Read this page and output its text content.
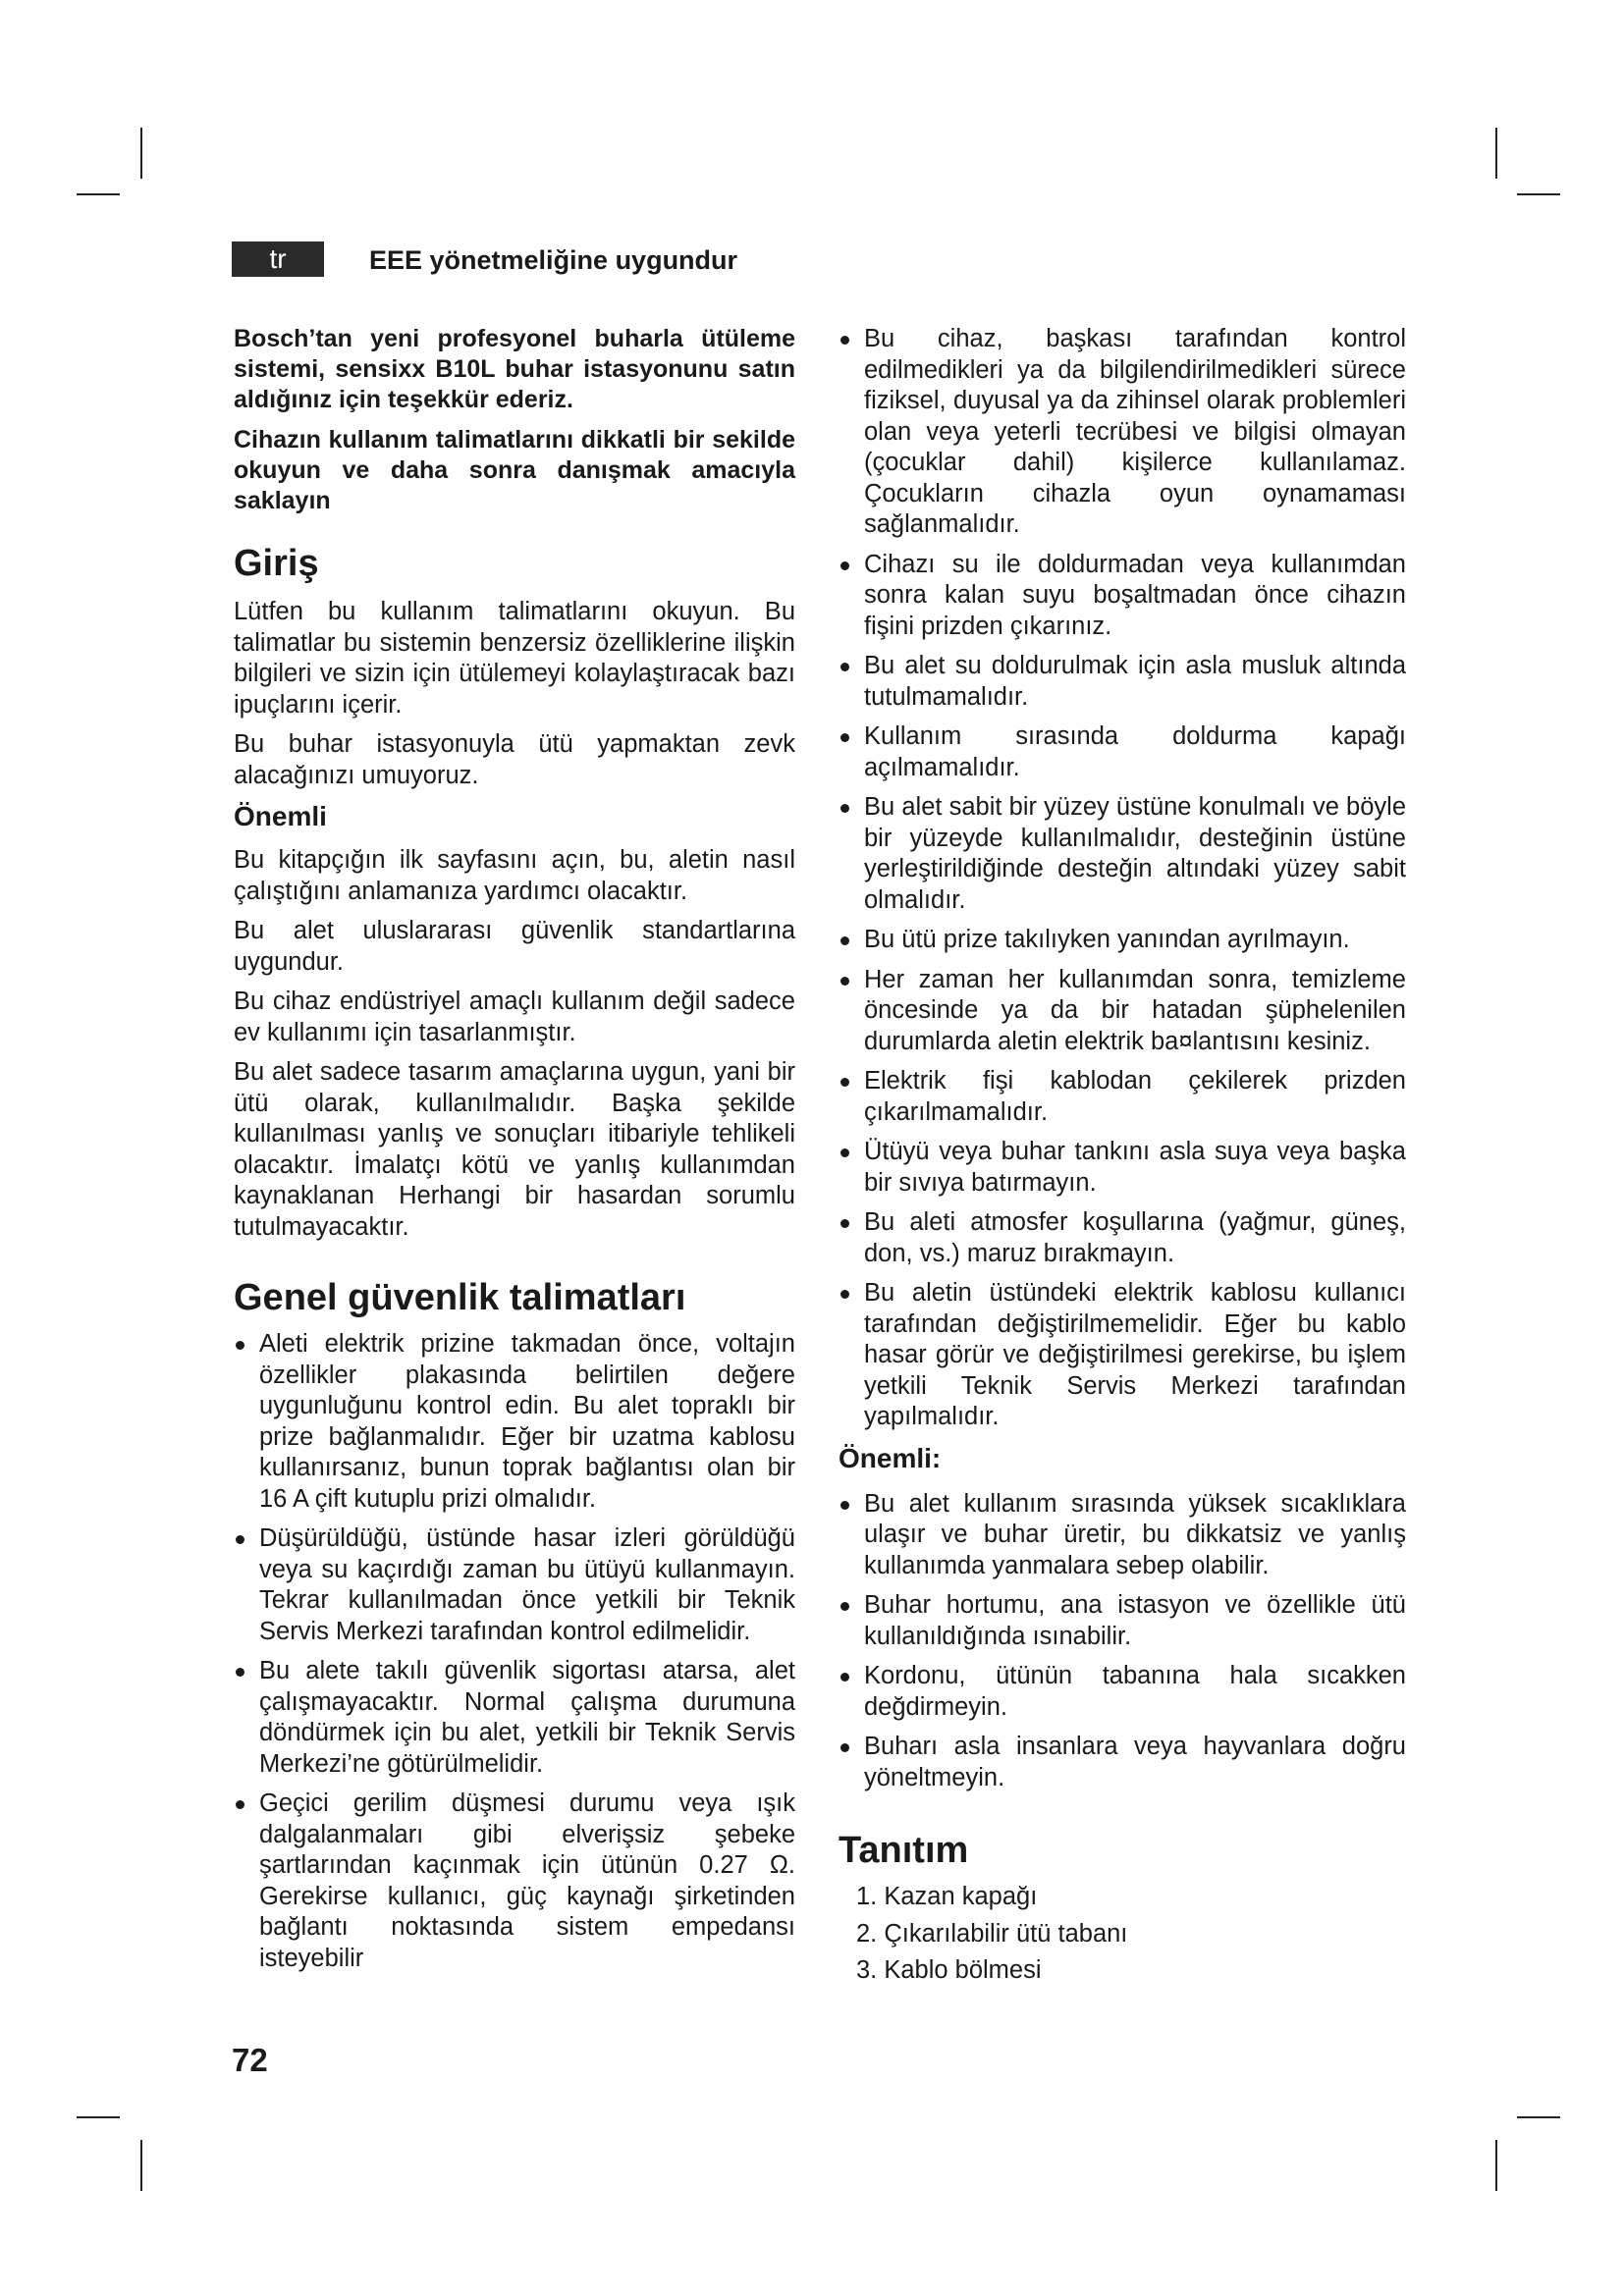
tr	EEE yönetmeliğine uygundur

Bosch’tan yeni profesyonel buharla ütüleme sistemi, sensixx B10L buhar istasyonunu satın aldığınız için teşekkür ederiz.

Cihazın kullanım talimatlarını dikkatli bir sekilde okuyun ve daha sonra danışmak amacıyla saklayın

Giriş

Lütfen bu kullanım talimatlarını okuyun. Bu talimatlar bu sistemin benzersiz özelliklerine ilişkin bilgileri ve sizin için ütülemeyi kolaylaştıracak bazı ipuçlarını içerir.

Bu buhar istasyonuyla ütü yapmaktan zevk alacağınızı umuyoruz.

Önemli

Bu kitapçığın ilk sayfasını açın, bu, aletin nasıl çalıştığını anlamanıza yardımcı olacaktır.

Bu alet uluslararası güvenlik standartlarına uygundur.

Bu cihaz endüstriyel amaçlı kullanım değil sadece ev kullanımı için tasarlanmıştır.

Bu alet sadece tasarım amaçlarına uygun, yani bir ütü olarak, kullanılmalıdır. Başka şekilde kullanılması yanlış ve sonuçları itibariyle tehlikeli olacaktır. İmalatçı kötü ve yanlış kullanımdan kaynaklanan Herhangi bir hasardan sorumlu tutulmayacaktır.

Genel güvenlik talimatları
Aleti elektrik prizine takmadan önce, voltajın özellikler plakasında belirtilen değere uygunluğunu kontrol edin. Bu alet topraklı bir prize bağlanmalıdır. Eğer bir uzatma kablosu kullanırsanız, bunun toprak bağlantısı olan bir 16 A çift kutuplu prizi olmalıdır.
Düşürüldüğü, üstünde hasar izleri görüldüğü veya su kaçırdığı zaman bu ütüyü kullanmayın. Tekrar kullanılmadan önce yetkili bir Teknik Servis Merkezi tarafından kontrol edilmelidir.
Bu alete takılı güvenlik sigortası atarsa, alet çalışmayacaktır. Normal çalışma durumuna döndürmek için bu alet, yetkili bir Teknik Servis Merkezi’ne götürülmelidir.
Geçici gerilim düşmesi durumu veya ışık dalgalanmaları gibi elverişsiz şebeke şartlarından kaçınmak için ütünün 0.27 Ω. Gerekirse kullanıcı, güç kaynağı şirketinden bağlantı noktasında sistem empedansı isteyebilir
Bu cihaz, başkası tarafından kontrol edilmedikleri ya da bilgilendirilmedikleri sürece fiziksel, duyusal ya da zihinsel olarak problemleri olan veya yeterli tecrübesi ve bilgisi olmayan (çocuklar dahil) kişilerce kullanılamaz. Çocukların cihazla oyun oynamaması sağlanmalıdır.
Cihazı su ile doldurmadan veya kullanımdan sonra kalan suyu boşaltmadan önce cihazın fişini prizden çıkarınız.
Bu alet su doldurulmak için asla musluk altında tutulmamalıdır.
Kullanım sırasında doldurma kapağı açılmamalıdır.
Bu alet sabit bir yüzey üstüne konulmalı ve böyle bir yüzeyde kullanılmalıdır, desteğinin üstüne yerleştirildiğinde desteğin altındaki yüzey sabit olmalıdır.
Bu ütü prize takılıyken yanından ayrılmayın.
Her zaman her kullanımdan sonra, temizleme öncesinde ya da bir hatadan şüphelenilen durumlarda aletin elektrik ba¤lantısını kesiniz.
Elektrik fişi kablodan çekilerek prizden çıkarılmamalıdır.
Ütüyü veya buhar tankını asla suya veya başka bir sıvıya batırmayın.
Bu aleti atmosfer koşullarına (yağmur, güneş, don, vs.) maruz bırakmayın.
Bu aletin üstündeki elektrik kablosu kullanıcı tarafından değiştirilmemelidir. Eğer bu kablo hasar görür ve değiştirilmesi gerekirse, bu işlem yetkili Teknik Servis Merkezi tarafından yapılmalıdır.
Önemli:
Bu alet kullanım sırasında yüksek sıcaklıklara ulaşır ve buhar üretir, bu dikkatsiz ve yanlış kullanımda yanmalara sebep olabilir.
Buhar hortumu, ana istasyon ve özellikle ütü kullanıldığında ısınabilir.
Kordonu, ütünün tabanına hala sıcakken değdirmeyin.
Buharı asla insanlara veya hayvanlara doğru yöneltmeyin.
Tanıtım
1. Kazan kapağı
2. Çıkarılabilir ütü tabanı
3. Kablo bölmesi
72
